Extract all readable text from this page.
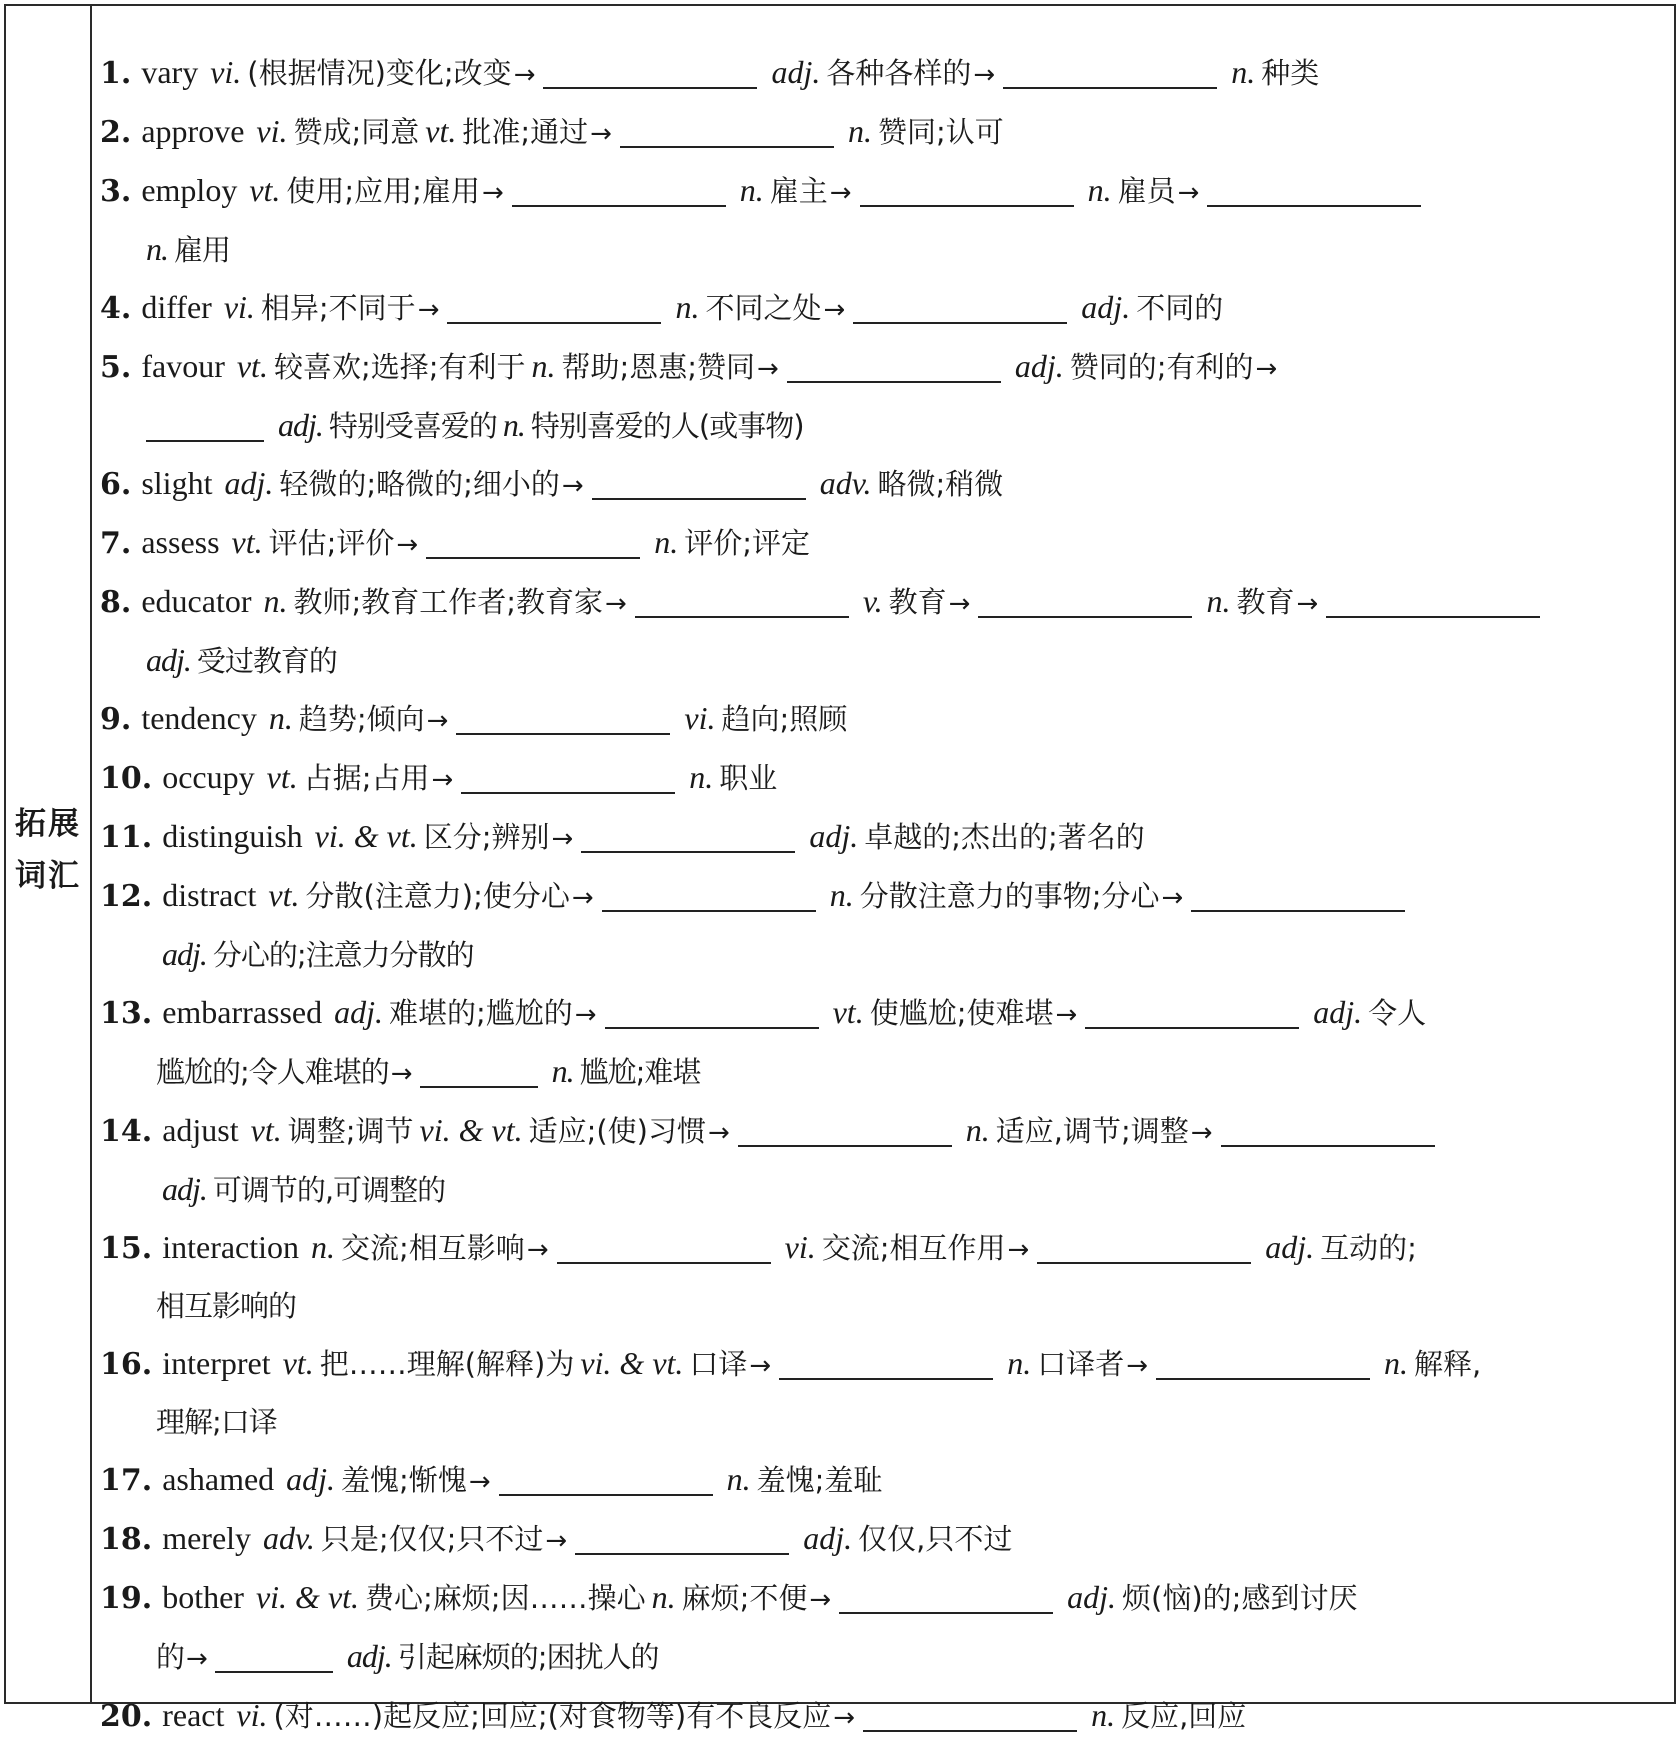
拓展
词汇
1. vary vi. (根据情况)变化;改变→	adj. 各种各样的→	n. 种类
2. approve vi. 赞成;同意 vt. 批准;通过→	n. 赞同;认可
3. employ vt. 使用;应用;雇用→	n. 雇主→	n. 雇员→
n. 雇用
4. differ vi. 相异;不同于→	n. 不同之处→	adj. 不同的
5. favour vt. 较喜欢;选择;有利于 n. 帮助;恩惠;赞同→	adj. 赞同的;有利的→
adj. 特别受喜爱的 n. 特别喜爱的人(或事物)
6. slight adj. 轻微的;略微的;细小的→	adv. 略微;稍微
7. assess vt. 评估;评价→	n. 评价;评定
8. educator n. 教师;教育工作者;教育家→	v. 教育→	n. 教育→
adj. 受过教育的
9. tendency n. 趋势;倾向→	vi. 趋向;照顾
10. occupy vt. 占据;占用→	n. 职业
11. distinguish vi. & vt. 区分;辨别→	adj. 卓越的;杰出的;著名的
12. distract vt. 分散(注意力);使分心→	n. 分散注意力的事物;分心→
adj. 分心的;注意力分散的
13. embarrassed adj. 难堪的;尴尬的→	vt. 使尴尬;使难堪→	adj. 令人
尴尬的;令人难堪的→	n. 尴尬;难堪
14. adjust vt. 调整;调节 vi. & vt. 适应;(使)习惯→	n. 适应,调节;调整→
adj. 可调节的,可调整的
15. interaction n. 交流;相互影响→	vi. 交流;相互作用→	adj. 互动的;
相互影响的
16. interpret vt. 把……理解(解释)为 vi. & vt. 口译→	n. 口译者→	n. 解释,
理解;口译
17. ashamed adj. 羞愧;惭愧→	n. 羞愧;羞耻
18. merely adv. 只是;仅仅;只不过→	adj. 仅仅,只不过
19. bother vi. & vt. 费心;麻烦;因……操心 n. 麻烦;不便→	adj. 烦(恼)的;感到讨厌
的→	adj. 引起麻烦的;困扰人的
20. react vi. (对……)起反应;回应;(对食物等)有不良反应→	n. 反应,回应
